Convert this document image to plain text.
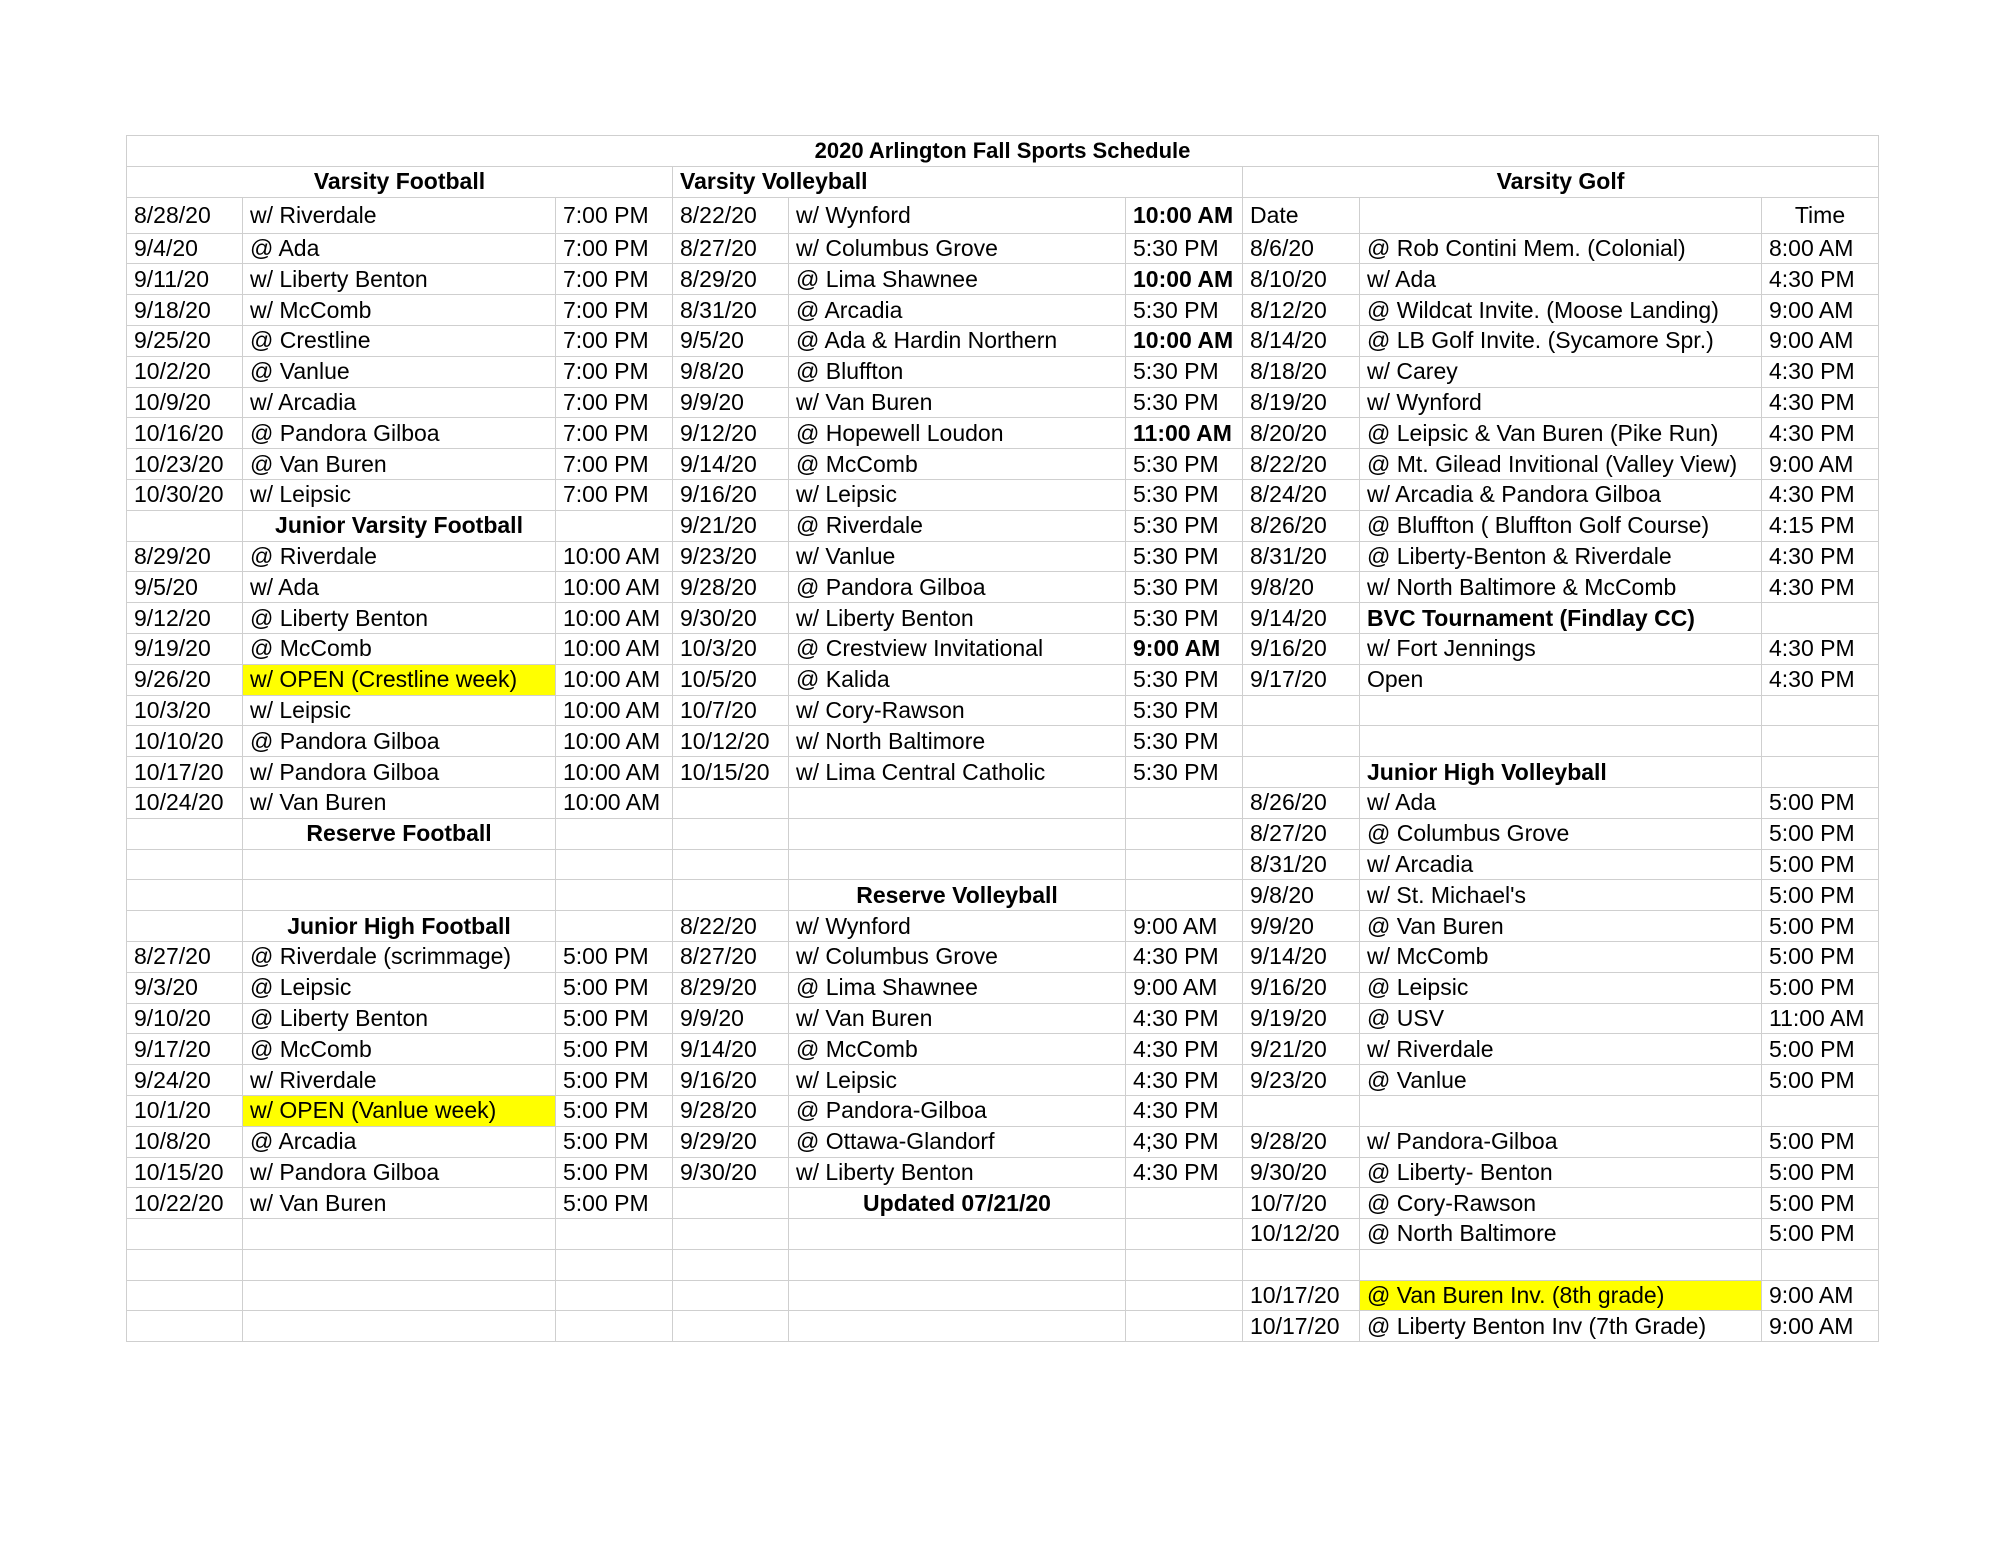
2020 Arlington Fall Sports Schedule								
Varsity Football			Varsity Volleyball			Varsity Golf		
8/28/20	w/ Riverdale	7:00 PM	8/22/20	w/ Wynford	10:00 AM	Date		Time
9/4/20	@ Ada	7:00 PM	8/27/20	w/ Columbus Grove	5:30 PM	8/6/20	@ Rob Contini Mem. (Colonial)	8:00 AM
9/11/20	w/ Liberty Benton	7:00 PM	8/29/20	@ Lima Shawnee	10:00 AM	8/10/20	w/ Ada	4:30 PM
9/18/20	w/ McComb	7:00 PM	8/31/20	@ Arcadia	5:30 PM	8/12/20	@ Wildcat Invite. (Moose Landing)	9:00 AM
9/25/20	@ Crestline	7:00 PM	9/5/20	@ Ada & Hardin Northern	10:00 AM	8/14/20	@ LB Golf Invite. (Sycamore Spr.)	9:00 AM
10/2/20	@ Vanlue	7:00 PM	9/8/20	@ Bluffton	5:30 PM	8/18/20	w/ Carey	4:30 PM
10/9/20	w/ Arcadia	7:00 PM	9/9/20	w/ Van Buren	5:30 PM	8/19/20	w/ Wynford	4:30 PM
10/16/20	@ Pandora Gilboa	7:00 PM	9/12/20	@ Hopewell Loudon	11:00 AM	8/20/20	@ Leipsic & Van Buren (Pike Run)	4:30 PM
10/23/20	@ Van Buren	7:00 PM	9/14/20	@ McComb	5:30 PM	8/22/20	@ Mt. Gilead Invitional (Valley View)	9:00 AM
10/30/20	w/ Leipsic	7:00 PM	9/16/20	w/ Leipsic	5:30 PM	8/24/20	w/ Arcadia & Pandora Gilboa	4:30 PM
	Junior Varsity Football		9/21/20	@ Riverdale	5:30 PM	8/26/20	@ Bluffton ( Bluffton Golf Course)	4:15 PM
8/29/20	@ Riverdale	10:00 AM	9/23/20	w/ Vanlue	5:30 PM	8/31/20	@ Liberty-Benton & Riverdale	4:30 PM
9/5/20	w/ Ada	10:00 AM	9/28/20	@ Pandora Gilboa	5:30 PM	9/8/20	w/ North Baltimore & McComb	4:30 PM
9/12/20	@ Liberty Benton	10:00 AM	9/30/20	w/ Liberty Benton	5:30 PM	9/14/20	BVC Tournament (Findlay CC)	
9/19/20	@ McComb	10:00 AM	10/3/20	@ Crestview Invitational	9:00 AM	9/16/20	w/ Fort Jennings	4:30 PM
9/26/20	w/ OPEN (Crestline week)	10:00 AM	10/5/20	@ Kalida	5:30 PM	9/17/20	Open	4:30 PM
10/3/20	w/ Leipsic	10:00 AM	10/7/20	w/ Cory-Rawson	5:30 PM			
10/10/20	@ Pandora Gilboa	10:00 AM	10/12/20	w/ North Baltimore	5:30 PM			
10/17/20	w/ Pandora Gilboa	10:00 AM	10/15/20	w/ Lima Central Catholic	5:30 PM		Junior High Volleyball	
10/24/20	w/ Van Buren	10:00 AM				8/26/20	w/ Ada	5:00 PM
	Reserve Football					8/27/20	@ Columbus Grove	5:00 PM
						8/31/20	w/ Arcadia	5:00 PM
				Reserve Volleyball		9/8/20	w/ St. Michael's	5:00 PM
	Junior High Football		8/22/20	w/ Wynford	9:00 AM	9/9/20	@ Van Buren	5:00 PM
8/27/20	@ Riverdale (scrimmage)	5:00 PM	8/27/20	w/ Columbus Grove	4:30 PM	9/14/20	w/ McComb	5:00 PM
9/3/20	@ Leipsic	5:00 PM	8/29/20	@ Lima Shawnee	9:00 AM	9/16/20	@ Leipsic	5:00 PM
9/10/20	@ Liberty Benton	5:00 PM	9/9/20	w/ Van Buren	4:30 PM	9/19/20	@ USV	11:00 AM
9/17/20	@ McComb	5:00 PM	9/14/20	@ McComb	4:30 PM	9/21/20	w/ Riverdale	5:00 PM
9/24/20	w/ Riverdale	5:00 PM	9/16/20	w/ Leipsic	4:30 PM	9/23/20	@ Vanlue	5:00 PM
10/1/20	w/ OPEN (Vanlue week)	5:00 PM	9/28/20	@ Pandora-Gilboa	4:30 PM			
10/8/20	@ Arcadia	5:00 PM	9/29/20	@ Ottawa-Glandorf	4;30 PM	9/28/20	w/ Pandora-Gilboa	5:00 PM
10/15/20	w/ Pandora Gilboa	5:00 PM	9/30/20	w/ Liberty Benton	4:30 PM	9/30/20	@ Liberty- Benton	5:00 PM
10/22/20	w/ Van Buren	5:00 PM		Updated 07/21/20		10/7/20	@ Cory-Rawson	5:00 PM
						10/12/20	@ North Baltimore	5:00 PM

						10/17/20	@ Van Buren Inv. (8th grade)	9:00 AM
						10/17/20	@ Liberty Benton Inv (7th Grade)	9:00 AM
